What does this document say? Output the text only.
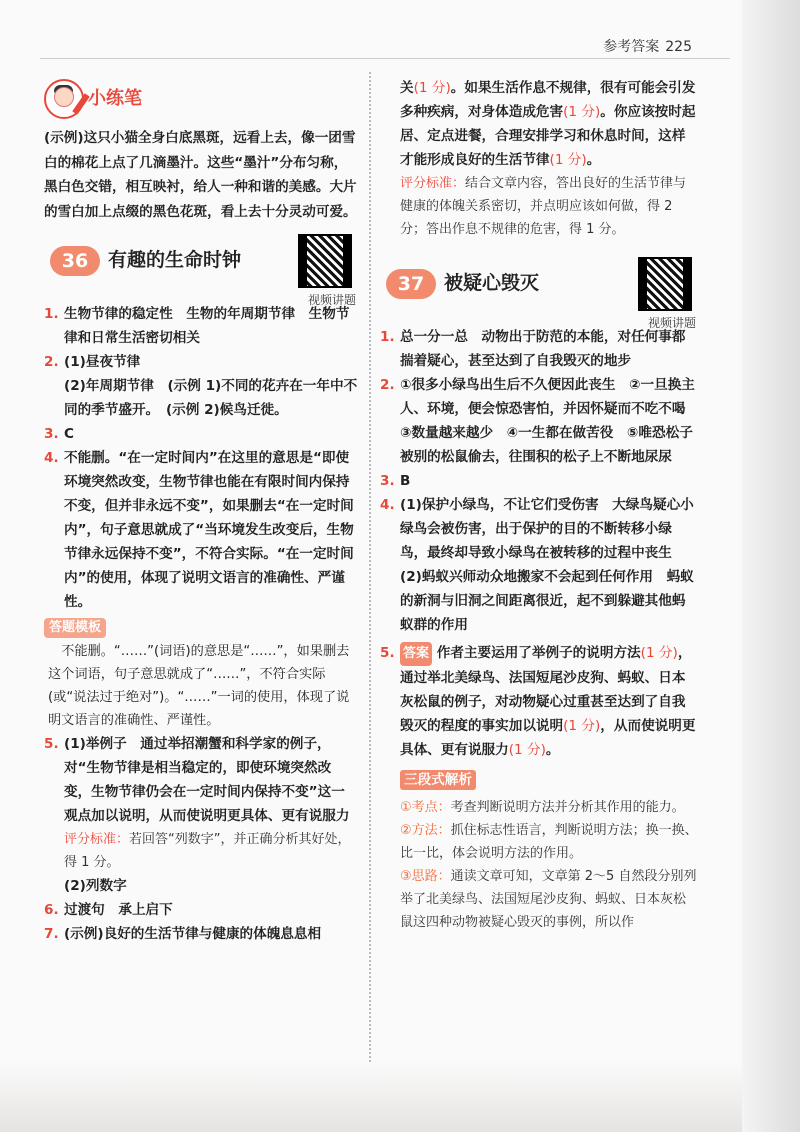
参考答案 225
小练笔

(示例)这只小猫全身白底黑斑，远看上去，像一团雪白的棉花上点了几滴墨汁。这些“墨汁”分布匀称，黑白色交错，相互映衬，给人一种和谐的美感。大片的雪白加上点缀的黑色花斑，看上去十分灵动可爱。

36	有趣的生命时钟
视频讲题

1. 生物节律的稳定性　生物的年周期节律　生物节律和日常生活密切相关

2. (1)昼夜节律

(2)年周期节律　(示例 1)不同的花卉在一年中不同的季节盛开。　(示例 2)候鸟迁徙。

3. C

4. 不能删。“在一定时间内”在这里的意思是“即使环境突然改变，生物节律也能在有限时间内保持不变，但并非永远不变”，如果删去“在一定时间内”，句子意思就成了“当环境发生改变后，生物节律永远保持不变”，不符合实际。“在一定时间内”的使用，体现了说明文语言的准确性、严谨性。

答题模板

 不能删。“……”(词语)的意思是“……”，如果删去这个词语，句子意思就成了“……”，不符合实际(或“说法过于绝对”)。“……”一词的使用，体现了说明文语言的准确性、严谨性。

5. (1)举例子　通过举招潮蟹和科学家的例子，对“生物节律是相当稳定的，即使环境突然改变，生物节律仍会在一定时间内保持不变”这一观点加以说明，从而使说明更具体、更有说服力

评分标准：若回答“列数字”，并正确分析其好处，得 1 分。

(2)列数字

6. 过渡句　承上启下

7. (示例)良好的生活节律与健康的体魄息息相

关(1 分)。如果生活作息不规律，很有可能会引发多种疾病，对身体造成危害(1 分)。你应该按时起居、定点进餐，合理安排学习和休息时间，这样才能形成良好的生活节律(1 分)。

评分标准：结合文章内容，答出良好的生活节律与健康的体魄关系密切，并点明应该如何做，得 2 分；答出作息不规律的危害，得 1 分。

37	被疑心毁灭
视频讲题

1. 总一分一总　动物出于防范的本能，对任何事都揣着疑心，甚至达到了自我毁灭的地步

2. ①很多小绿鸟出生后不久便因此丧生　②一旦换主人、环境，便会惊恐害怕，并因怀疑而不吃不喝　③数量越来越少　④一生都在做苦役　⑤唯恐松子被别的松鼠偷去，往围积的松子上不断地尿尿

3. B

4. (1)保护小绿鸟，不让它们受伤害　大绿鸟疑心小绿鸟会被伤害，出于保护的目的不断转移小绿鸟，最终却导致小绿鸟在被转移的过程中丧生

(2)蚂蚁兴师动众地搬家不会起到任何作用　蚂蚁的新洞与旧洞之间距离很近，起不到躲避其他蚂蚁群的作用

5. 答案 作者主要运用了举例子的说明方法(1 分)，通过举北美绿鸟、法国短尾沙皮狗、蚂蚁、日本灰松鼠的例子，对动物疑心过重甚至达到了自我毁灭的程度的事实加以说明(1 分)，从而使说明更具体、更有说服力(1 分)。

三段式解析

①考点：考查判断说明方法并分析其作用的能力。

②方法：抓住标志性语言，判断说明方法；换一换、比一比，体会说明方法的作用。

③思路：通读文章可知，文章第 2～5 自然段分别列举了北美绿鸟、法国短尾沙皮狗、蚂蚁、日本灰松鼠这四种动物被疑心毁灭的事例，所以作
